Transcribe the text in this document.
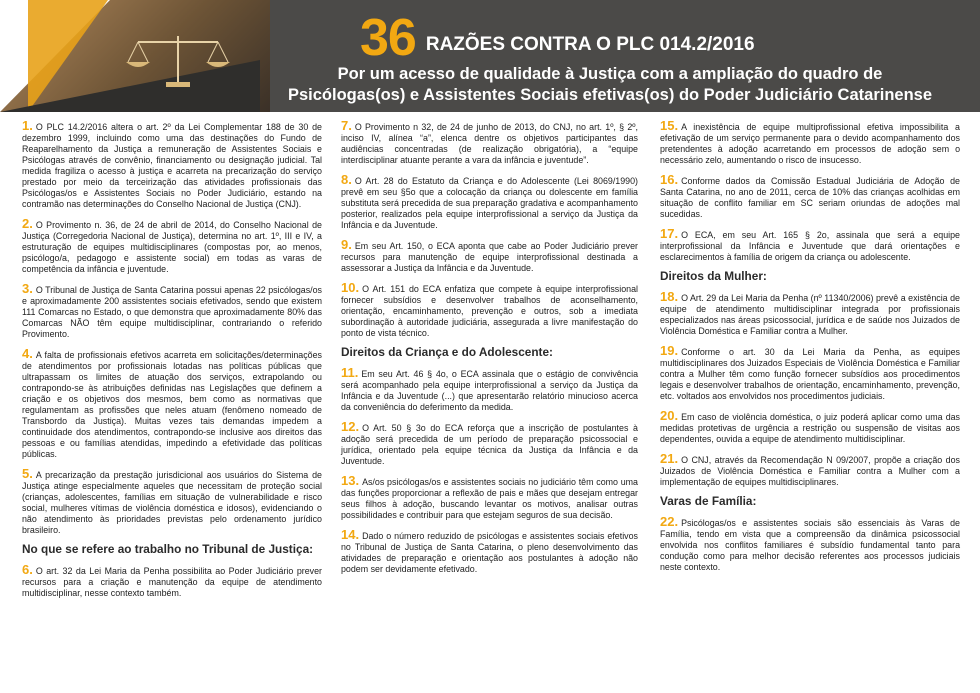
36 RAZÕES CONTRA O PLC 014.2/2016
Por um acesso de qualidade à Justiça com a ampliação do quadro de
Psicólogas(os) e Assistentes Sociais efetivas(os) do Poder Judiciário Catarinense

1. O PLC 14.2/2016 altera o art. 2º da Lei Complementar 188 de 30 de dezembro 1999, incluindo como uma das destinações do Fundo de Reaparelhamento da Justiça a remuneração de Assistentes Sociais e Psicólogas através de convênio, financiamento ou designação judicial. Tal medida fragiliza o acesso à justiça e acarreta na precarização do serviço prestado por meio da terceirização das atividades profissionais das Psicólogas/os e Assistentes Sociais no Poder Judiciário, estando na contramão nas determinações do Conselho Nacional de Justiça (CNJ).

2. O Provimento n. 36, de 24 de abril de 2014, do Conselho Nacional de Justiça (Corregedoria Nacional de Justiça), determina no art. 1º, III e IV, a estruturação de equipes multidisciplinares (compostas por, ao menos, psicólogo/a, pedagogo e assistente social) em todas as varas de competência da infância e juventude.

3. O Tribunal de Justiça de Santa Catarina possui apenas 22 psicólogas/os e aproximadamente 200 assistentes sociais efetivados, sendo que existem 111 Comarcas no Estado, o que demonstra que aproximadamente 80% das Comarcas NÃO têm equipe multidisciplinar, contrariando o referido Provimento.

4. A falta de profissionais efetivos acarreta em solicitações/determinações de atendimentos por profissionais lotadas nas políticas públicas que ultrapassam os limites de atuação dos serviços, extrapolando ou contrapondo-se às atribuições definidas nas Legislações que definem a criação e os objetivos dos mesmos, bem como as normativas que regulamentam as profissões que neles atuam (fenômeno nomeado de Transbordo da Justiça). Muitas vezes tais demandas impedem a continuidade dos atendimentos, contrapondo-se inclusive aos direitos das pessoas e ou famílias atendidas, impedindo a efetividade das políticas públicas.

5. A precarização da prestação jurisdicional aos usuários do Sistema de Justiça atinge especialmente aqueles que necessitam de proteção social (crianças, adolescentes, famílias em situação de vulnerabilidade e risco social, mulheres vítimas de violência doméstica e idosos), evidenciando o não atendimento às prioridades previstas pelo ordenamento jurídico brasileiro.

No que se refere ao trabalho no Tribunal de Justiça:

6. O art. 32 da Lei Maria da Penha possibilita ao Poder Judiciário prever recursos para a criação e manutenção da equipe de atendimento multidisciplinar, nesse contexto também.

7. O Provimento n 32, de 24 de junho de 2013, do CNJ, no art. 1º, § 2º, inciso IV, alínea “a”, elenca dentre os objetivos participantes das audiências concentradas (de realização obrigatória), a “equipe interdisciplinar atuante perante a vara da infância e juventude”.

8. O Art. 28 do Estatuto da Criança e do Adolescente (Lei 8069/1990) prevê em seu §5o que a colocação da criança ou dolescente em família substituta será precedida de sua preparação gradativa e acompanhamento posterior, realizados pela equipe interprofissional a serviço da Justiça da Infância e da Juventude.

9. Em seu Art. 150, o ECA aponta que cabe ao Poder Judiciário prever recursos para manutenção de equipe interprofissional destinada a assessorar a Justiça da Infância e da Juventude.

10. O Art. 151 do ECA enfatiza que compete à equipe interprofissional fornecer subsídios e desenvolver trabalhos de aconselhamento, orientação, encaminhamento, prevenção e outros, sob a imediata subordinação à autoridade judiciária, assegurada a livre manifestação do ponto de vista técnico.

Direitos da Criança e do Adolescente:

11. Em seu Art. 46 § 4o, o ECA assinala que o estágio de convivência será acompanhado pela equipe interprofissional a serviço da Justiça da Infância e da Juventude (...) que apresentarão relatório minucioso acerca da conveniência do deferimento da medida.

12. O Art. 50 § 3o do ECA reforça que a inscrição de postulantes à adoção será precedida de um período de preparação psicossocial e jurídica, orientado pela equipe técnica da Justiça da Infância e da Juventude.

13. As/os psicólogas/os e assistentes sociais no judiciário têm como uma das funções proporcionar a reflexão de pais e mães que desejam entregar seus filhos à adoção, buscando levantar os motivos, analisar outras possibilidades e contribuir para que estejam seguros de sua decisão.

14. Dado o número reduzido de psicólogas e assistentes sociais efetivos no Tribunal de Justiça de Santa Catarina, o pleno desenvolvimento das atividades de preparação e orientação aos postulantes à adoção não podem ser devidamente efetivado.

15. A inexistência de equipe multiprofissional efetiva impossibilita a efetivação de um serviço permanente para o devido acompanhamento dos pretendentes à adoção acarretando em processos de adoção sem o necessário zelo, aumentando o risco de insucesso.

16. Conforme dados da Comissão Estadual Judiciária de Adoção de Santa Catarina, no ano de 2011, cerca de 10% das crianças acolhidas em situação de conflito familiar em SC seriam oriundas de adoções mal sucedidas.

17. O ECA, em seu Art. 165 § 2o, assinala que será a equipe interprofissional da Infância e Juventude que dará orientações e esclarecimentos à família de origem da criança ou adolescente.

Direitos da Mulher:

18. O Art. 29 da Lei Maria da Penha (nº 11340/2006) prevê a existência de equipe de atendimento multidisciplinar integrada por profissionais especializados nas áreas psicossocial, jurídica e de saúde nos Juizados de Violência Doméstica e Familiar contra a Mulher.

19. Conforme o art. 30 da Lei Maria da Penha, as equipes multidisciplinares dos Juizados Especiais de Violência Doméstica e Familiar contra a Mulher têm como função fornecer subsídios aos procedimentos legais e desenvolver trabalhos de orientação, encaminhamento, prevenção, etc. voltados aos envolvidos nos procedimentos judiciais.

20. Em caso de violência doméstica, o juiz poderá aplicar como uma das medidas protetivas de urgência a restrição ou suspensão de visitas aos dependentes, ouvida a equipe de atendimento multidisciplinar.

21. O CNJ, através da Recomendação N 09/2007, propõe a criação dos Juizados de Violência Doméstica e Familiar contra a Mulher com a implementação de equipes multidisciplinares.

Varas de Família:

22. Psicólogas/os e assistentes sociais são essenciais às Varas de Família, tendo em vista que a compreensão da dinâmica psicossocial envolvida nos conflitos familiares é subsídio fundamental tanto para condução como para melhor decisão referentes aos processos judiciais neste contexto.
